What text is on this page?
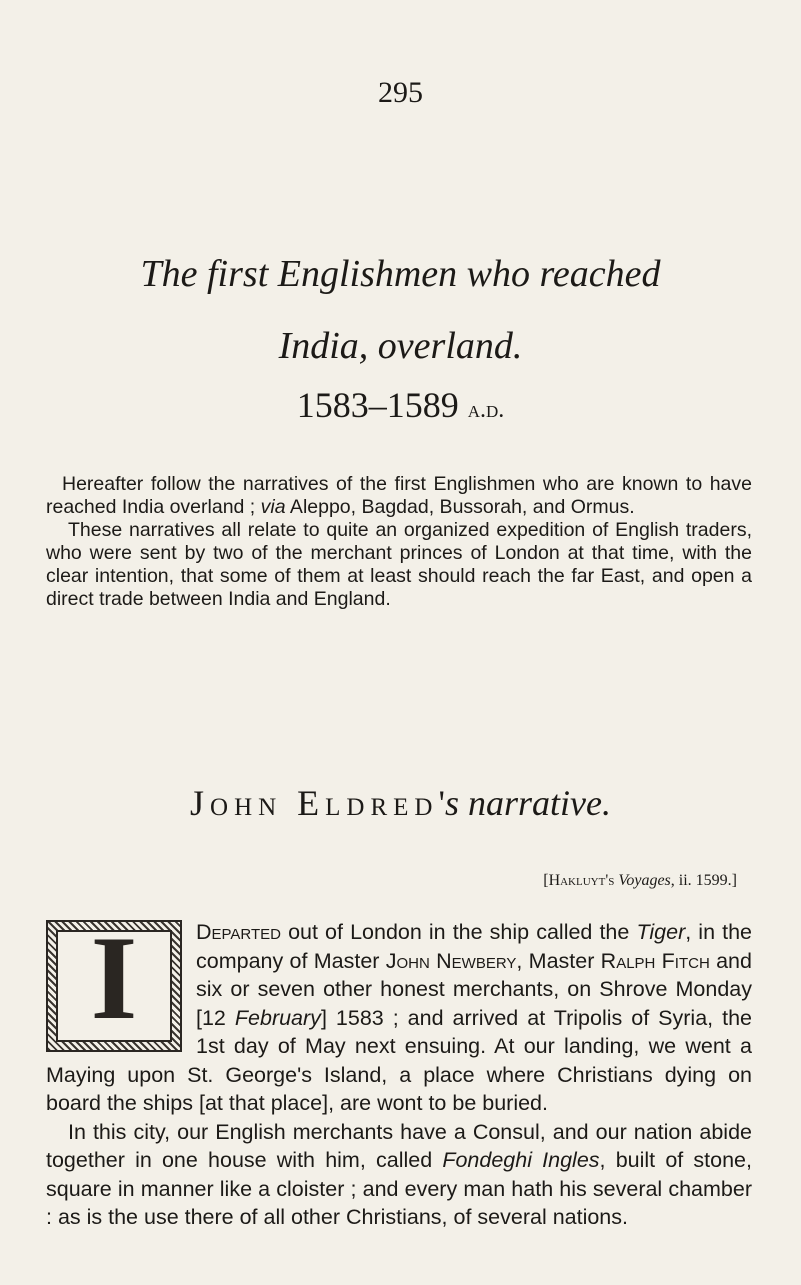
295
The first Englishmen who reached
India, overland.
1583–1589 a.d.

Hereafter follow the narratives of the first Englishmen who are known to have reached India overland ; via Aleppo, Bagdad, Bussorah, and Ormus.

These narratives all relate to quite an organized expedition of English traders, who were sent by two of the merchant princes of London at that time, with the clear intention, that some of them at least should reach the far East, and open a direct trade between India and England.

John Eldred's narrative.
[Hakluyt's Voyages, ii. 1599.]
I	Departed out of London in the ship called the Tiger, in the company of Master John Newbery, Master Ralph Fitch and six or seven other honest merchants, on Shrove Monday [12 February] 1583 ; and arrived at Tripolis of Syria, the 1st day of May next ensuing. At our landing, we went a Maying upon St. George's Island, a place where Christians dying on board the ships [at that place], are wont to be buried.

In this city, our English merchants have a Consul, and our nation abide together in one house with him, called Fondeghi Ingles, built of stone, square in manner like a cloister ; and every man hath his several chamber : as is the use there of all other Christians, of several nations.
